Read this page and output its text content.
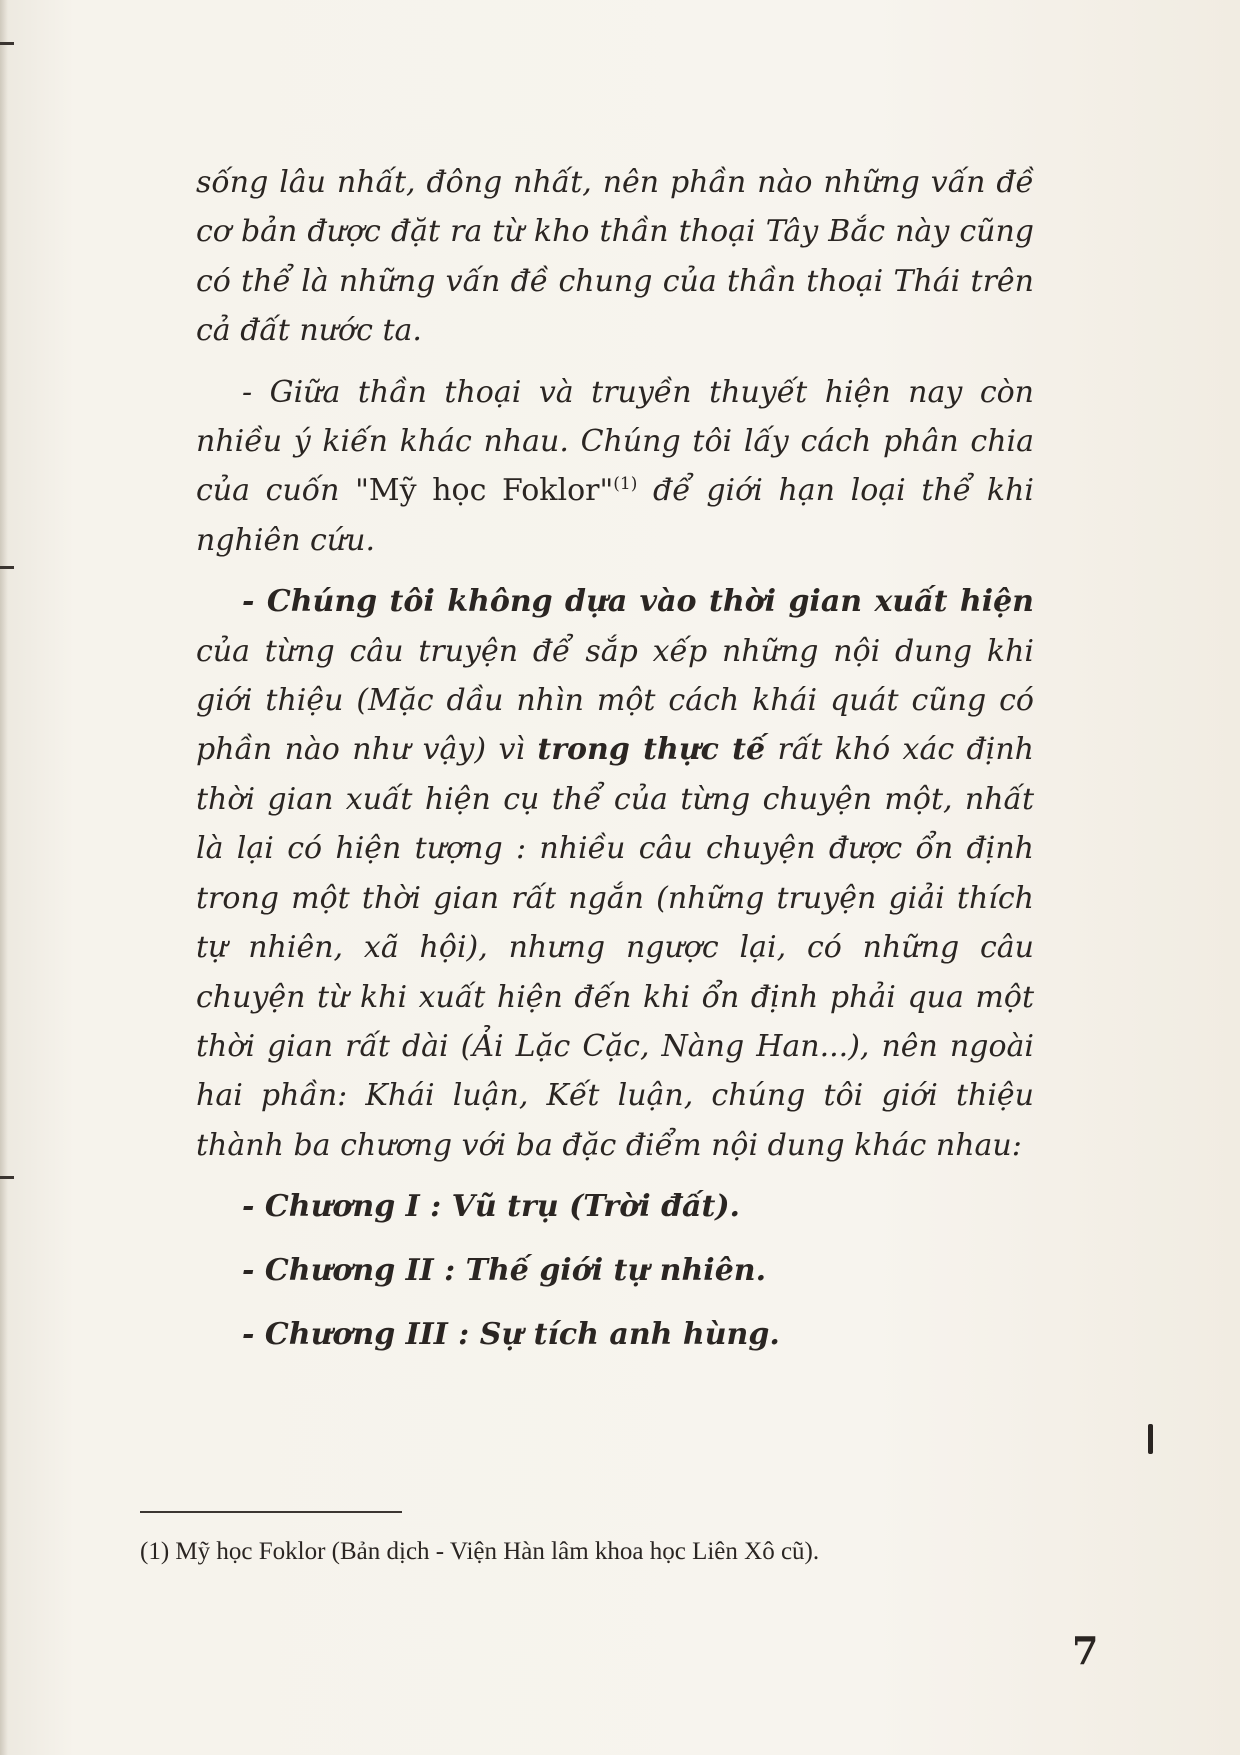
sống lâu nhất, đông nhất, nên phần nào những vấn đề cơ bản được đặt ra từ kho thần thoại Tây Bắc này cũng có thể là những vấn đề chung của thần thoại Thái trên cả đất nước ta.

- Giữa thần thoại và truyền thuyết hiện nay còn nhiều ý kiến khác nhau. Chúng tôi lấy cách phân chia của cuốn "Mỹ học Foklor"$^{(1)}$ để giới hạn loại thể khi nghiên cứu.

- Chúng tôi không dựa vào thời gian xuất hiện của từng câu truyện để sắp xếp những nội dung khi giới thiệu (Mặc dầu nhìn một cách khái quát cũng có phần nào như vậy) vì trong thực tế rất khó xác định thời gian xuất hiện cụ thể của từng chuyện một, nhất là lại có hiện tượng : nhiều câu chuyện được ổn định trong một thời gian rất ngắn (những truyện giải thích tự nhiên, xã hội), nhưng ngược lại, có những câu chuyện từ khi xuất hiện đến khi ổn định phải qua một thời gian rất dài (Ải Lặc Cặc, Nàng Han...), nên ngoài hai phần: Khái luận, Kết luận, chúng tôi giới thiệu thành ba chương với ba đặc điểm nội dung khác nhau:

- Chương I : Vũ trụ (Trời đất).
- Chương II : Thế giới tự nhiên.
- Chương III : Sự tích anh hùng.
(1) Mỹ học Foklor (Bản dịch - Viện Hàn lâm khoa học Liên Xô cũ).
7
